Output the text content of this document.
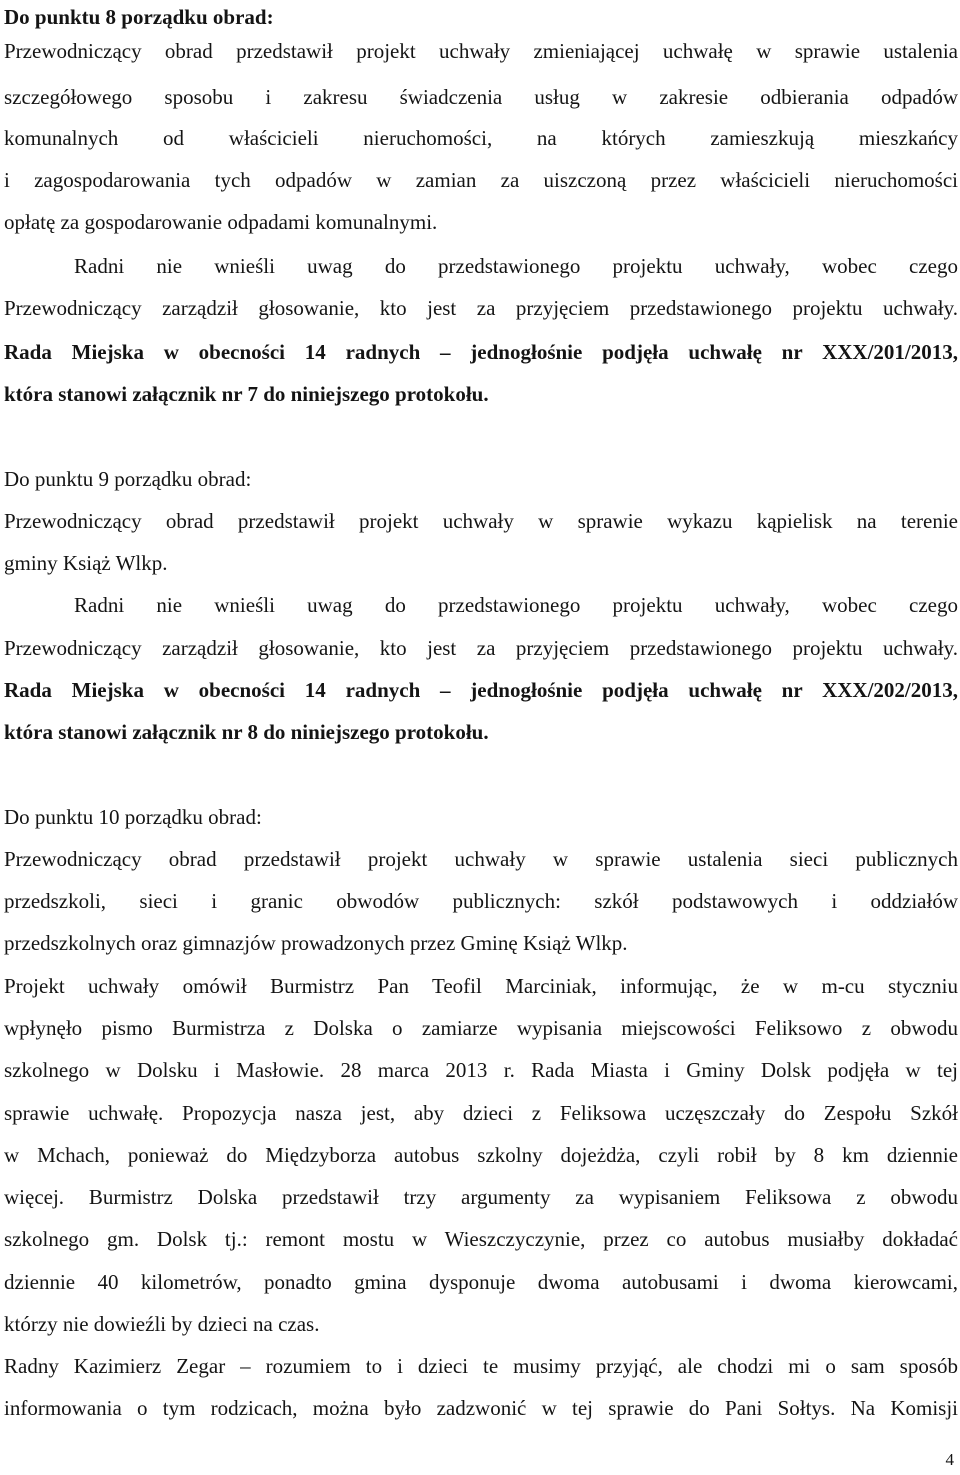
Do punktu 8 porządku obrad:
Przewodniczący obrad przedstawił projekt uchwały zmieniającej uchwałę w sprawie ustalenia
szczegółowego sposobu i zakresu świadczenia usług w zakresie odbierania odpadów
komunalnych od właścicieli nieruchomości, na których zamieszkują mieszkańcy
i zagospodarowania tych odpadów w zamian za uiszczoną przez właścicieli nieruchomości
opłatę za gospodarowanie odpadami komunalnymi.
Radni nie wnieśli uwag do przedstawionego projektu uchwały, wobec czego
Przewodniczący zarządził głosowanie, kto jest za przyjęciem przedstawionego projektu uchwały.
Rada Miejska w obecności 14 radnych – jednogłośnie podjęła uchwałę nr XXX/201/2013,
która stanowi załącznik nr 7 do niniejszego protokołu.
Do punktu 9 porządku obrad:
Przewodniczący obrad przedstawił projekt uchwały w sprawie wykazu kąpielisk na terenie
gminy Książ Wlkp.
Radni nie wnieśli uwag do przedstawionego projektu uchwały, wobec czego
Przewodniczący zarządził głosowanie, kto jest za przyjęciem przedstawionego projektu uchwały.
Rada Miejska w obecności 14 radnych – jednogłośnie podjęła uchwałę nr XXX/202/2013,
która stanowi załącznik nr 8 do niniejszego protokołu.
Do punktu 10 porządku obrad:
Przewodniczący obrad przedstawił projekt uchwały w sprawie ustalenia sieci publicznych
przedszkoli, sieci i granic obwodów publicznych: szkół podstawowych i oddziałów
przedszkolnych oraz gimnazjów prowadzonych przez Gminę Książ Wlkp.
Projekt uchwały omówił Burmistrz Pan Teofil Marciniak, informując, że w m-cu styczniu
wpłynęło pismo Burmistrza z Dolska o zamiarze wypisania miejscowości Feliksowo z obwodu
szkolnego w Dolsku i Masłowie. 28 marca 2013 r. Rada Miasta i Gminy Dolsk podjęła w tej
sprawie uchwałę. Propozycja nasza jest, aby dzieci z Feliksowa uczęszczały do Zespołu Szkół
w Mchach, ponieważ do Międzyborza autobus szkolny dojeżdża, czyli robił by 8 km dziennie
więcej. Burmistrz Dolska przedstawił trzy argumenty za wypisaniem Feliksowa z obwodu
szkolnego gm. Dolsk tj.: remont mostu w Wieszczyczynie, przez co autobus musiałby dokładać
dziennie 40 kilometrów, ponadto gmina dysponuje dwoma autobusami i dwoma kierowcami,
którzy nie dowieźli by dzieci na czas.
Radny Kazimierz Zegar – rozumiem to i dzieci te musimy przyjąć, ale chodzi mi o sam sposób
informowania o tym rodzicach, można było zadzwonić w tej sprawie do Pani Sołtys. Na Komisji
4
